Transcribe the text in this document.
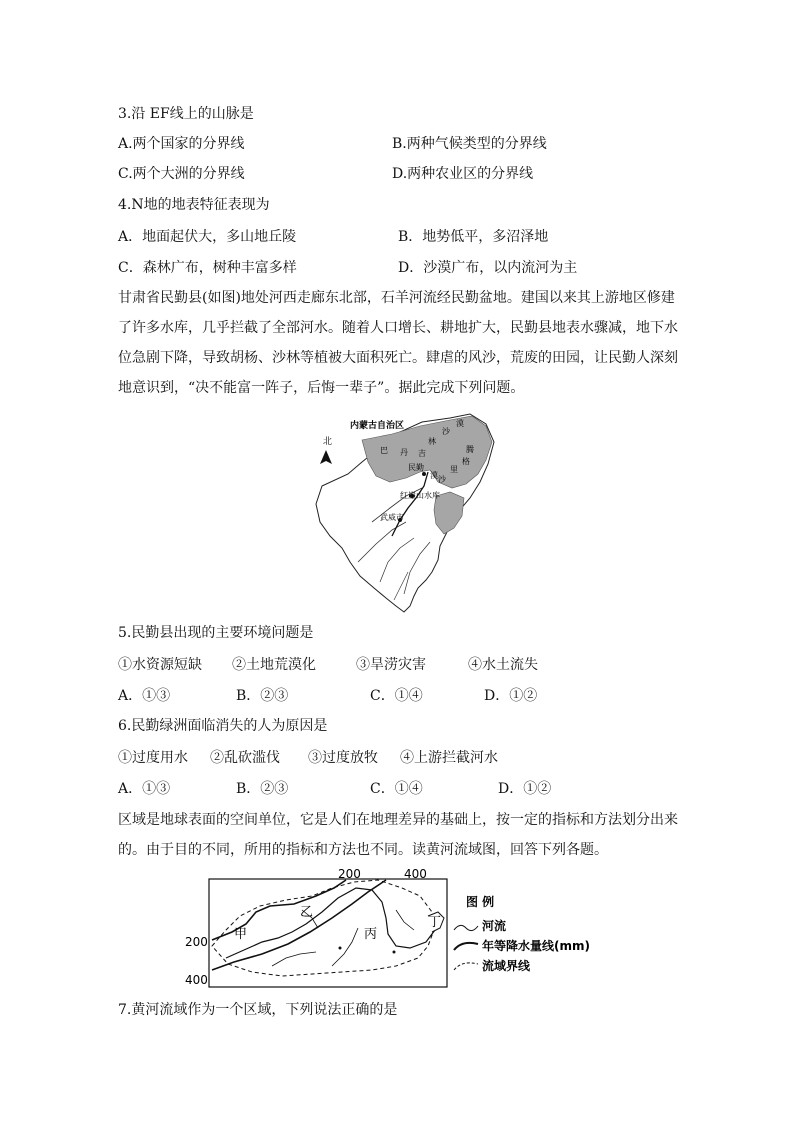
3.沿 EF线上的山脉是
A.两个国家的分界线	B.两种气候类型的分界线
C.两个大洲的分界线	D.两种农业区的分界线
4.N地的地表特征表现为
A．地面起伏大，多山地丘陵	B．地势低平，多沼泽地
C．森林广布，树种丰富多样	D．沙漠广布，以内流河为主
甘肃省民勤县(如图)地处河西走廊东北部，石羊河流经民勤盆地。建国以来其上游地区修建了许多水库，几乎拦截了全部河水。随着人口增长、耕地扩大，民勤县地表水骤减，地下水位急剧下降，导致胡杨、沙林等植被大面积死亡。肆虐的风沙，荒废的田园，让民勤人深刻地意识到，“决不能富一阵子，后悔一辈子”。据此完成下列问题。
北
内蒙古自治区
巴 丹 吉
林
沙
漠
腾
格
里
沙
漠
民勤
红崖山水库
武威市
5.民勤县出现的主要环境问题是
①水资源短缺 ②土地荒漠化	③旱涝灾害	④水土流失
A．①③	B．②③	C．①④	D．①②
6.民勤绿洲面临消失的人为原因是
①过度用水 ②乱砍滥伐 ③过度放牧 ④上游拦截河水
A．①③	B．②③	C．①④	D．①②
区域是地球表面的空间单位，它是人们在地理差异的基础上，按一定的指标和方法划分出来的。由于目的不同，所用的指标和方法也不同。读黄河流域图，回答下列各题。
200	400
200
400
甲
乙
丙
丁
图 例
河流
年等降水量线(mm)
流域界线
7.黄河流域作为一个区域，下列说法正确的是
